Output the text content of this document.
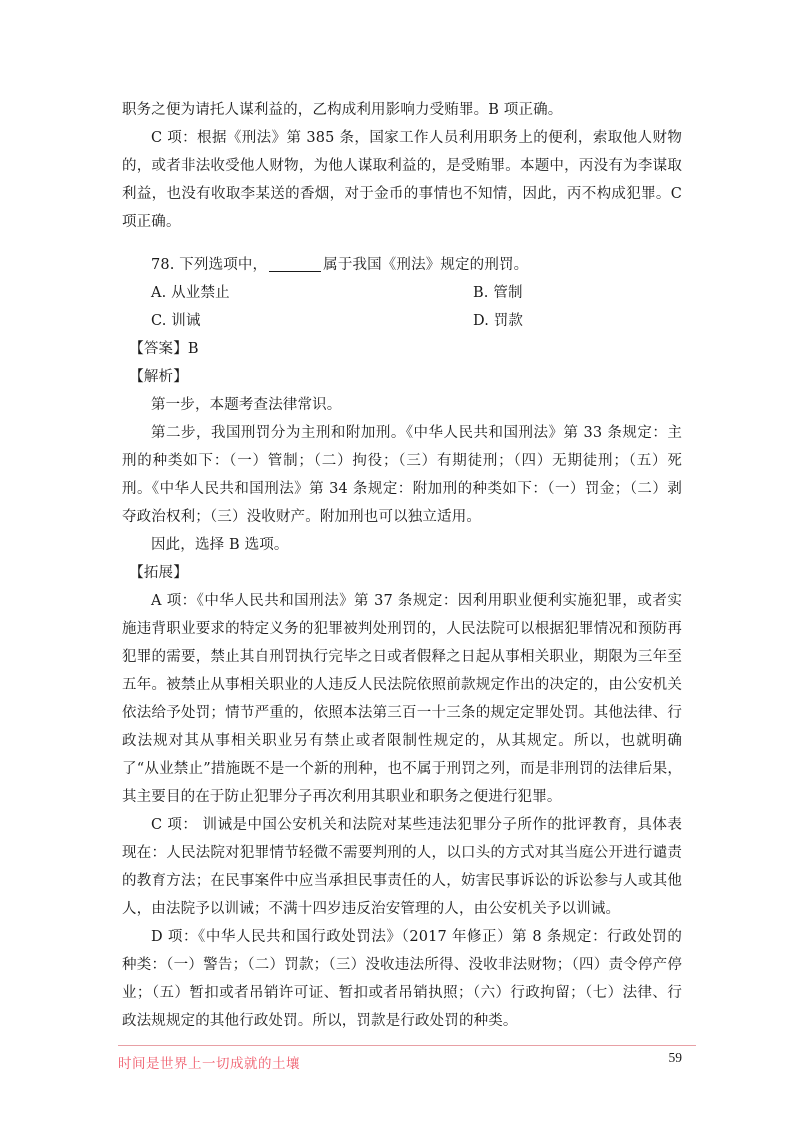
职务之便为请托人谋利益的，乙构成利用影响力受贿罪。B 项正确。

C 项：根据《刑法》第 385 条，国家工作人员利用职务上的便利，索取他人财物的，或者非法收受他人财物，为他人谋取利益的，是受贿罪。本题中，丙没有为李谋取利益，也没有收取李某送的香烟，对于金币的事情也不知情，因此，丙不构成犯罪。C 项正确。

78. 下列选项中，	属于我国《刑法》规定的刑罚。

A. 从业禁止	B. 管制
C. 训诫	D. 罚款

【答案】B

【解析】

第一步，本题考查法律常识。

第二步，我国刑罚分为主刑和附加刑。《中华人民共和国刑法》第 33 条规定：主刑的种类如下：（一）管制；（二）拘役；（三）有期徒刑；（四）无期徒刑；（五）死刑。《中华人民共和国刑法》第 34 条规定：附加刑的种类如下：（一）罚金；（二）剥夺政治权利；（三）没收财产。附加刑也可以独立适用。

因此，选择 B 选项。

【拓展】

A 项：《中华人民共和国刑法》第 37 条规定：因利用职业便利实施犯罪，或者实施违背职业要求的特定义务的犯罪被判处刑罚的，人民法院可以根据犯罪情况和预防再犯罪的需要，禁止其自刑罚执行完毕之日或者假释之日起从事相关职业，期限为三年至五年。被禁止从事相关职业的人违反人民法院依照前款规定作出的决定的，由公安机关依法给予处罚；情节严重的，依照本法第三百一十三条的规定定罪处罚。其他法律、行政法规对其从事相关职业另有禁止或者限制性规定的，从其规定。所以，也就明确了“从业禁止”措施既不是一个新的刑种，也不属于刑罚之列，而是非刑罚的法律后果，其主要目的在于防止犯罪分子再次利用其职业和职务之便进行犯罪。

C 项： 训诫是中国公安机关和法院对某些违法犯罪分子所作的批评教育，具体表现在：人民法院对犯罪情节轻微不需要判刑的人，以口头的方式对其当庭公开进行谴责的教育方法；在民事案件中应当承担民事责任的人，妨害民事诉讼的诉讼参与人或其他人，由法院予以训诫；不满十四岁违反治安管理的人，由公安机关予以训诫。

D 项：《中华人民共和国行政处罚法》（2017 年修正）第 8 条规定：行政处罚的种类：（一）警告；（二）罚款；（三）没收违法所得、没收非法财物；（四）责令停产停业；（五）暂扣或者吊销许可证、暂扣或者吊销执照；（六）行政拘留；（七）法律、行政法规规定的其他行政处罚。所以，罚款是行政处罚的种类。

时间是世界上一切成就的土壤	59
